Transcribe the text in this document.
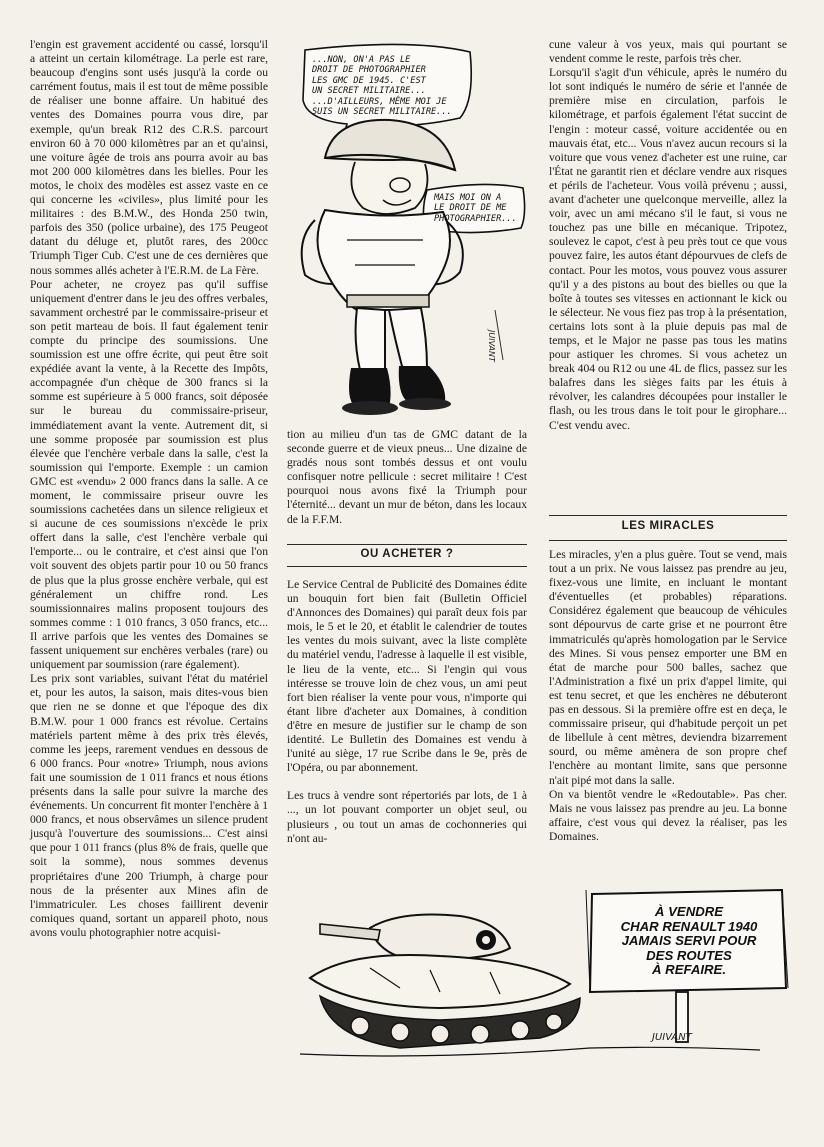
l'engin est gravement accidenté ou cassé, lorsqu'il a atteint un certain kilométrage. La perle est rare, beaucoup d'engins sont usés jusqu'à la corde ou carrément foutus, mais il est tout de même possible de réaliser une bonne affaire. Un habitué des ventes des Domaines pourra vous dire, par exemple, qu'un break R12 des C.R.S. parcourt environ 60 à 70 000 kilomètres par an et qu'ainsi, une voiture âgée de trois ans pourra avoir au bas mot 200 000 kilomètres dans les bielles. Pour les motos, le choix des modèles est assez vaste en ce qui concerne les «civiles», plus limité pour les militaires : des B.M.W., des Honda 250 twin, parfois des 350 (police urbaine), des 175 Peugeot datant du déluge et, plutôt rares, des 200cc Triumph Tiger Cub. C'est une de ces dernières que nous sommes allés acheter à l'E.R.M. de La Fère.

Pour acheter, ne croyez pas qu'il suffise uniquement d'entrer dans le jeu des offres verbales, savamment orchestré par le commissaire-priseur et son petit marteau de bois. Il faut également tenir compte du principe des soumissions. Une soumission est une offre écrite, qui peut être soit expédiée avant la vente, à la Recette des Impôts, accompagnée d'un chèque de 300 francs si la somme est supérieure à 5 000 francs, soit déposée sur le bureau du commissaire-priseur, immédiatement avant la vente. Autrement dit, si une somme proposée par soumission est plus élevée que l'enchère verbale dans la salle, c'est la soumission qui l'emporte. Exemple : un camion GMC est «vendu» 2 000 francs dans la salle. A ce moment, le commissaire priseur ouvre les soumissions cachetées dans un silence religieux et si aucune de ces soumissions n'excède le prix offert dans la salle, c'est l'enchère verbale qui l'emporte... ou le contraire, et c'est ainsi que l'on voit souvent des objets partir pour 10 ou 50 francs de plus que la plus grosse enchère verbale, qui est généralement un chiffre rond. Les soumissionnaires malins proposent toujours des sommes comme : 1 010 francs, 3 050 francs, etc... Il arrive parfois que les ventes des Domaines se fassent uniquement sur enchères verbales (rare) ou uniquement par soumission (rare également).

Les prix sont variables, suivant l'état du matériel et, pour les autos, la saison, mais dites-vous bien que rien ne se donne et que l'époque des dix B.M.W. pour 1 000 francs est révolue. Certains matériels partent même à des prix très élevés, comme les jeeps, rarement vendues en dessous de 6 000 francs. Pour «notre» Triumph, nous avions fait une soumission de 1 011 francs et nous étions présents dans la salle pour suivre la marche des événements. Un concurrent fit monter l'enchère à 1 000 francs, et nous observâmes un silence prudent jusqu'à l'ouverture des soumissions... C'est ainsi que pour 1 011 francs (plus 8% de frais, quelle que soit la somme), nous sommes devenus propriétaires d'une 200 Triumph, à charge pour nous de la présenter aux Mines afin de l'immatriculer. Les choses faillirent devenir comiques quand, sortant un appareil photo, nous avons voulu photographier notre acquisi-

...NON, ON'A PAS LE
DROIT DE PHOTOGRAPHIER
LES GMC DE 1945. C'EST
UN SECRET MILITAIRE...
...D'AILLEURS, MÊME MOI JE
SUIS UN SECRET MILITAIRE...
MAIS MOI ON A
LE DROIT DE ME
PHOTOGRAPHIER...
JUIVANT

tion au milieu d'un tas de GMC datant de la seconde guerre et de vieux pneus... Une dizaine de gradés nous sont tombés dessus et ont voulu confisquer notre pellicule : secret militaire ! C'est pourquoi nous avons fixé la Triumph pour l'éternité... devant un mur de béton, dans les locaux de la F.F.M.

OU ACHETER ?

Le Service Central de Publicité des Domaines édite un bouquin fort bien fait (Bulletin Officiel d'Annonces des Domaines) qui paraît deux fois par mois, le 5 et le 20, et établit le calendrier de toutes les ventes du mois suivant, avec la liste complète du matériel vendu, l'adresse à laquelle il est visible, le lieu de la vente, etc... Si l'engin qui vous intéresse se trouve loin de chez vous, un ami peut fort bien réaliser la vente pour vous, n'importe qui étant libre d'acheter aux Domaines, à condition d'être en mesure de justifier sur le champ de son identité. Le Bulletin des Domaines est vendu à l'unité au siège, 17 rue Scribe dans le 9e, près de l'Opéra, ou par abonnement.

Les trucs à vendre sont répertoriés par lots, de 1 à ..., un lot pouvant comporter un objet seul, ou plusieurs , ou tout un amas de cochonneries qui n'ont au-

cune valeur à vos yeux, mais qui pourtant se vendent comme le reste, parfois très cher.

Lorsqu'il s'agit d'un véhicule, après le numéro du lot sont indiqués le numéro de série et l'année de première mise en circulation, parfois le kilométrage, et parfois également l'état succint de l'engin : moteur cassé, voiture accidentée ou en mauvais état, etc... Vous n'avez aucun recours si la voiture que vous venez d'acheter est une ruine, car l'État ne garantit rien et déclare vendre aux risques et périls de l'acheteur. Vous voilà prévenu ; aussi, avant d'acheter une quelconque merveille, allez la voir, avec un ami mécano s'il le faut, si vous ne touchez pas une bille en mécanique. Tripotez, soulevez le capot, c'est à peu près tout ce que vous pouvez faire, les autos étant dépourvues de clefs de contact. Pour les motos, vous pouvez vous assurer qu'il y a des pistons au bout des bielles ou que la boîte à toutes ses vitesses en actionnant le kick ou le sélecteur. Ne vous fiez pas trop à la présentation, certains lots sont à la pluie depuis pas mal de temps, et le Major ne passe pas tous les matins pour astiquer les chromes. Si vous achetez un break 404 ou R12 ou une 4L de flics, passez sur les balafres dans les sièges faits par les étuis à révolver, les calandres découpées pour installer le flash, ou les trous dans le toit pour le girophare... C'est vendu avec.

LES MIRACLES

Les miracles, y'en a plus guère. Tout se vend, mais tout a un prix. Ne vous laissez pas prendre au jeu, fixez-vous une limite, en incluant le montant d'éventuelles (et probables) réparations. Considérez également que beaucoup de véhicules sont dépourvus de carte grise et ne pourront être immatriculés qu'après homologation par le Service des Mines. Si vous pensez emporter une BM en état de marche pour 500 balles, sachez que l'Administration a fixé un prix d'appel limite, qui est tenu secret, et que les enchères ne débuteront pas en dessous. Si la première offre est en deça, le commissaire priseur, qui d'habitude perçoit un pet de libellule à cent mètres, deviendra bizarrement sourd, ou même amènera de son propre chef l'enchère au montant limite, sans que personne n'ait pipé mot dans la salle.

On va bientôt vendre le «Redoutable». Pas cher. Mais ne vous laissez pas prendre au jeu. La bonne affaire, c'est vous qui devez la réaliser, pas les Domaines.

À VENDRE
CHAR RENAULT 1940
JAMAIS SERVI POUR
DES ROUTES
À REFAIRE.
JUIVANT
